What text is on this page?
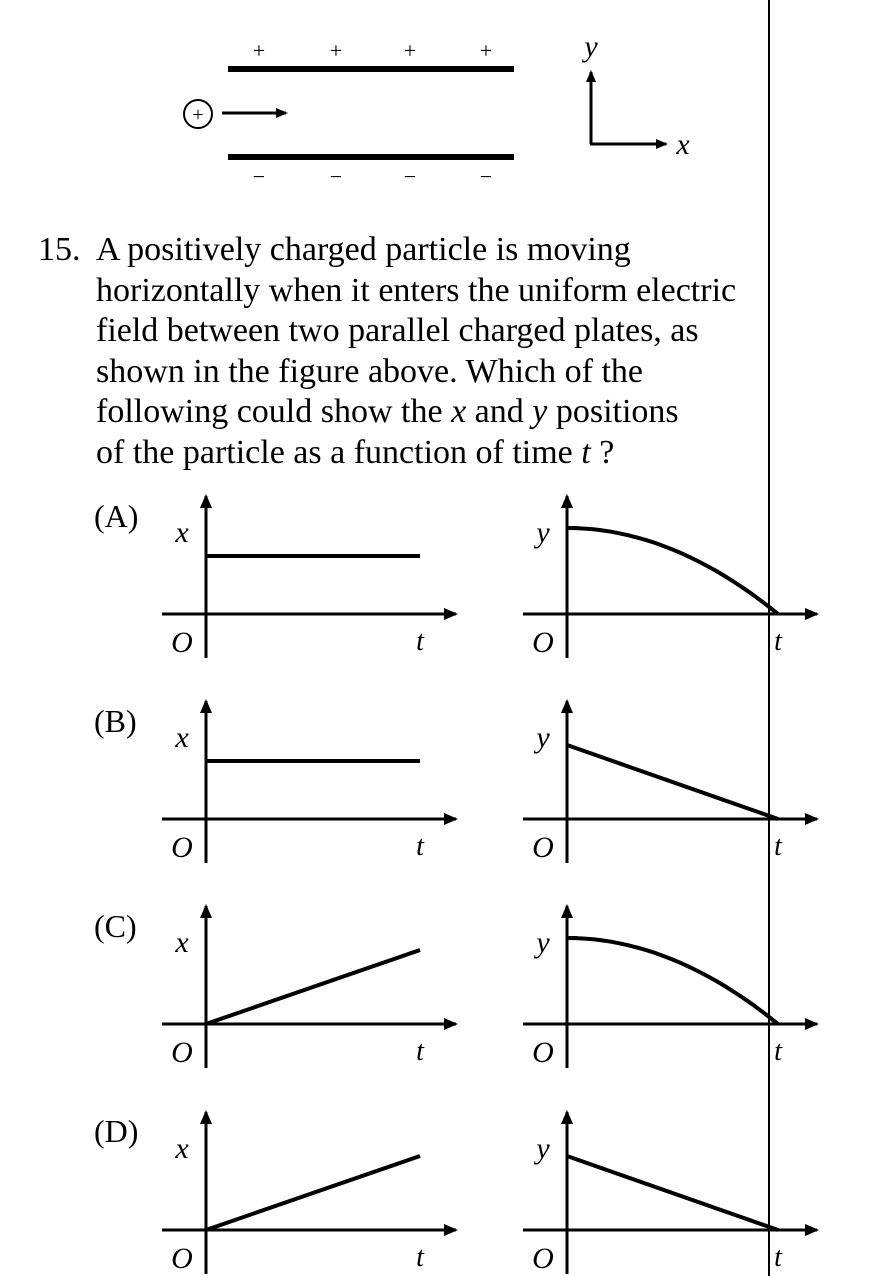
+	+	+	+
−	−	−	−
+
y
x
15. A positively charged particle is moving
horizontally when it enters the uniform electric
field between two parallel charged plates, as
shown in the figure above. Which of the
following could show the x and y positions
of the particle as a function of time t ?
(A)
(B)
(C)
(D)
O	t
x
O	t
y
O	t
x
O	t
y
O	t
x
O	t
y
O	t
x
O	t
y
